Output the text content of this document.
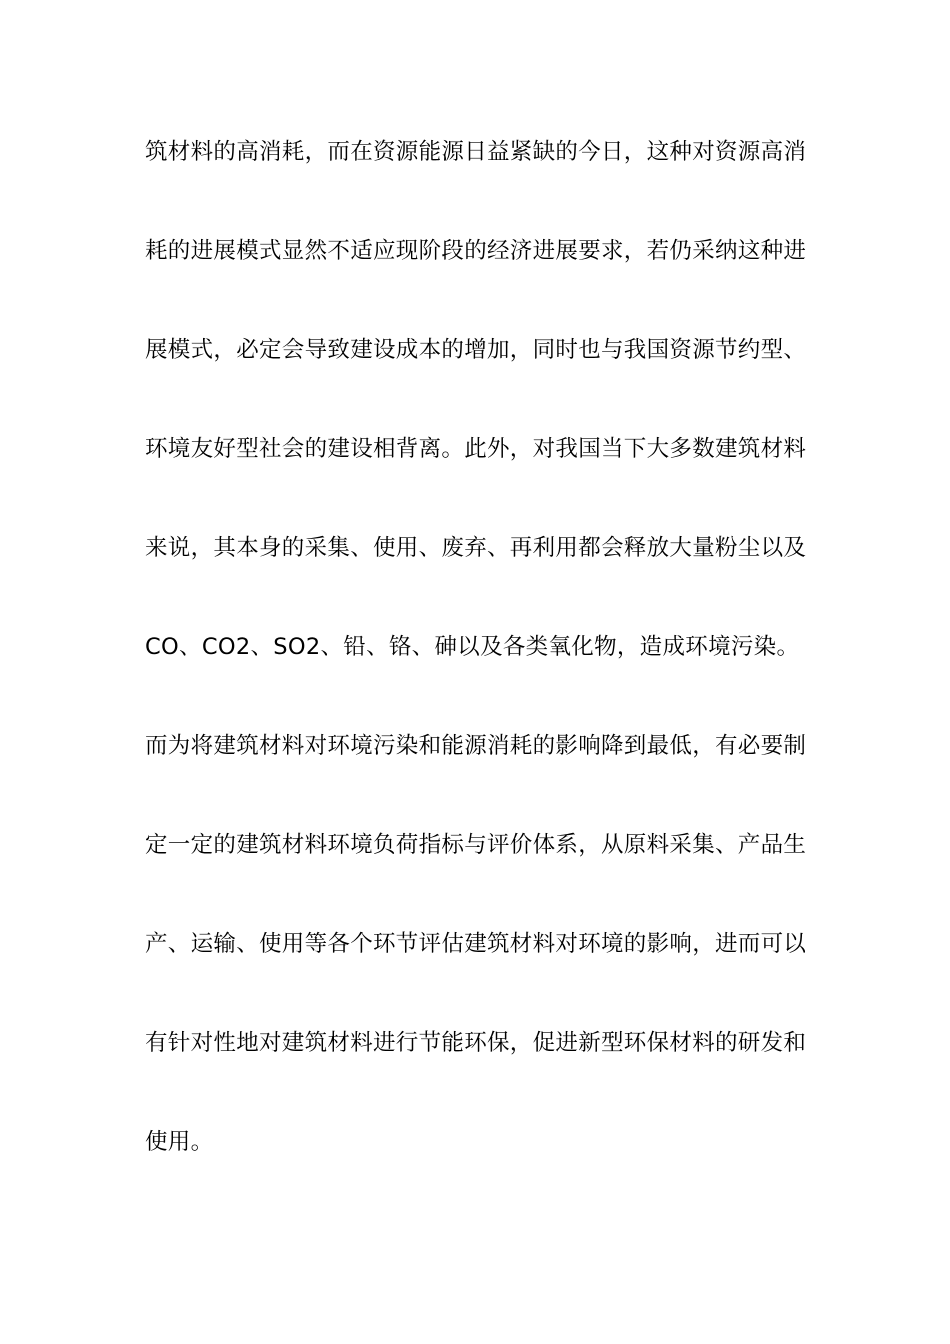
筑材料的高消耗，而在资源能源日益紧缺的今日，这种对资源高消
耗的进展模式显然不适应现阶段的经济进展要求，若仍采纳这种进
展模式，必定会导致建设成本的增加，同时也与我国资源节约型、
环境友好型社会的建设相背离。此外，对我国当下大多数建筑材料
来说，其本身的采集、使用、废弃、再利用都会释放大量粉尘以及
CO、CO2、SO2、铅、铬、砷以及各类氧化物，造成环境污染。
而为将建筑材料对环境污染和能源消耗的影响降到最低，有必要制
定一定的建筑材料环境负荷指标与评价体系，从原料采集、产品生
产、运输、使用等各个环节评估建筑材料对环境的影响，进而可以
有针对性地对建筑材料进行节能环保，促进新型环保材料的研发和
使用。
